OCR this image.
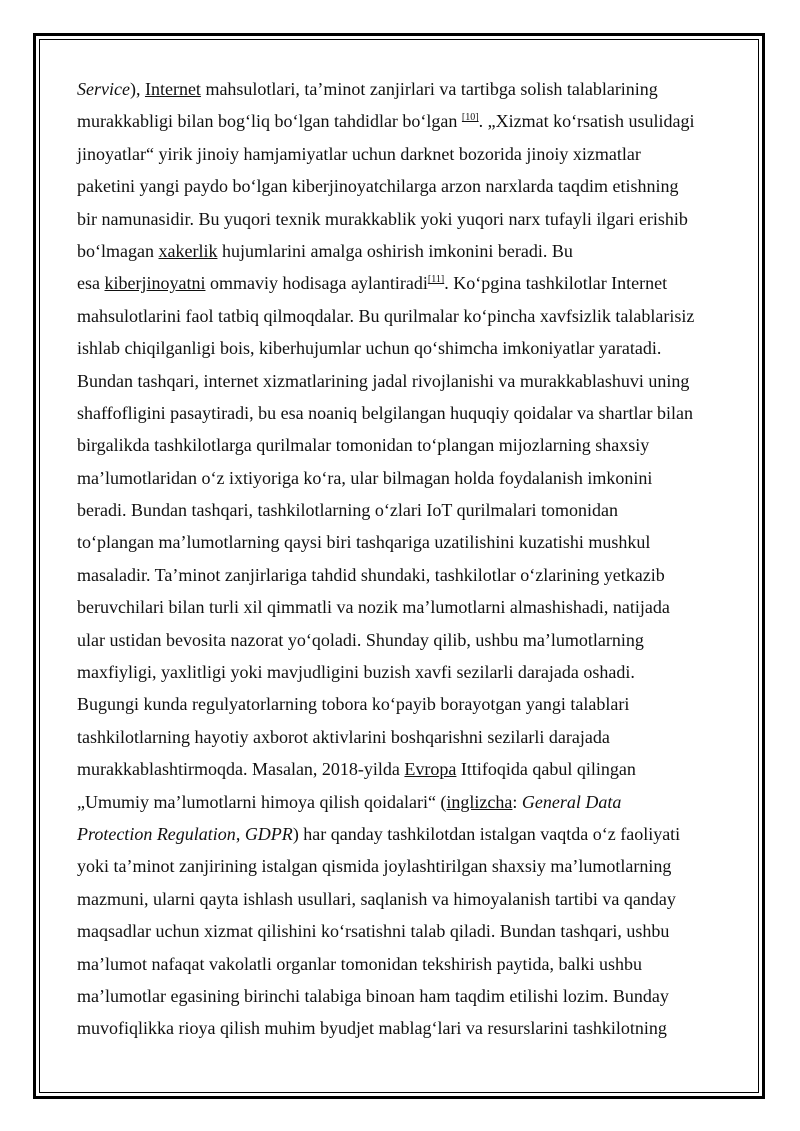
Service), Internet mahsulotlari, ta’minot zanjirlari va tartibga solish talablarining
murakkabligi bilan bog‘liq bo‘lgan tahdidlar bo‘lgan [10]. „Xizmat ko‘rsatish usulidagi
jinoyatlar“ yirik jinoiy hamjamiyatlar uchun darknet bozorida jinoiy xizmatlar
paketini yangi paydo bo‘lgan kiberjinoyatchilarga arzon narxlarda taqdim etishning
bir namunasidir. Bu yuqori texnik murakkablik yoki yuqori narx tufayli ilgari erishib
bo‘lmagan xakerlik hujumlarini amalga oshirish imkonini beradi. Bu
esa kiberjinoyatni ommaviy hodisaga aylantiradi[11]. Ko‘pgina tashkilotlar Internet
mahsulotlarini faol tatbiq qilmoqdalar. Bu qurilmalar ko‘pincha xavfsizlik talablarisiz
ishlab chiqilganligi bois, kiberhujumlar uchun qo‘shimcha imkoniyatlar yaratadi.
Bundan tashqari, internet xizmatlarining jadal rivojlanishi va murakkablashuvi uning
shaffofligini pasaytiradi, bu esa noaniq belgilangan huquqiy qoidalar va shartlar bilan
birgalikda tashkilotlarga qurilmalar tomonidan to‘plangan mijozlarning shaxsiy
ma’lumotlaridan o‘z ixtiyoriga ko‘ra, ular bilmagan holda foydalanish imkonini
beradi. Bundan tashqari, tashkilotlarning o‘zlari IoT qurilmalari tomonidan
to‘plangan ma’lumotlarning qaysi biri tashqariga uzatilishini kuzatishi mushkul
masaladir. Ta’minot zanjirlariga tahdid shundaki, tashkilotlar o‘zlarining yetkazib
beruvchilari bilan turli xil qimmatli va nozik ma’lumotlarni almashishadi, natijada
ular ustidan bevosita nazorat yo‘qoladi. Shunday qilib, ushbu ma’lumotlarning
maxfiyligi, yaxlitligi yoki mavjudligini buzish xavfi sezilarli darajada oshadi.
Bugungi kunda regulyatorlarning tobora ko‘payib borayotgan yangi talablari
tashkilotlarning hayotiy axborot aktivlarini boshqarishni sezilarli darajada
murakkablashtirmoqda. Masalan, 2018-yilda Evropa Ittifoqida qabul qilingan
„Umumiy ma’lumotlarni himoya qilish qoidalari“ (inglizcha: General Data
Protection Regulation, GDPR) har qanday tashkilotdan istalgan vaqtda o‘z faoliyati
yoki ta’minot zanjirining istalgan qismida joylashtirilgan shaxsiy ma’lumotlarning
mazmuni, ularni qayta ishlash usullari, saqlanish va himoyalanish tartibi va qanday
maqsadlar uchun xizmat qilishini ko‘rsatishni talab qiladi. Bundan tashqari, ushbu
ma’lumot nafaqat vakolatli organlar tomonidan tekshirish paytida, balki ushbu
ma’lumotlar egasining birinchi talabiga binoan ham taqdim etilishi lozim. Bunday
muvofiqlikka rioya qilish muhim byudjet mablag‘lari va resurslarini tashkilotning
